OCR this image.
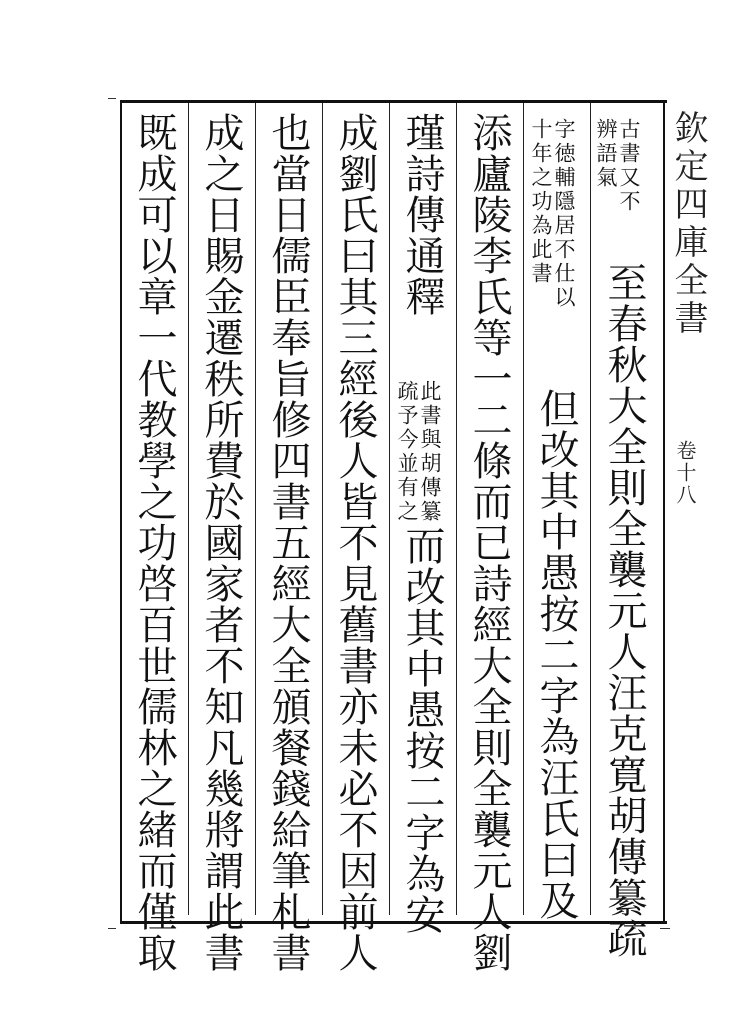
欽定四庫全書
卷十八
古書又不
辨語氣
至春秋大全則全襲元人汪克寛胡傳纂疏
字徳輔隱居不仕以
十年之功為此書
但改其中愚按二字為汪氏曰及
添廬陵李氏等一二條而已詩經大全則全襲元人劉
瑾詩傳通釋
此書與胡傳纂
疏予今並有之
而改其中愚按二字為安
成劉氏曰其三經後人皆不見舊書亦未必不因前人
也當日儒臣奉旨修四書五經大全頒餐錢給筆札書
成之日賜金遷秩所費於國家者不知凡幾將謂此書
既成可以章一代教學之功啓百世儒林之緒而僅取
